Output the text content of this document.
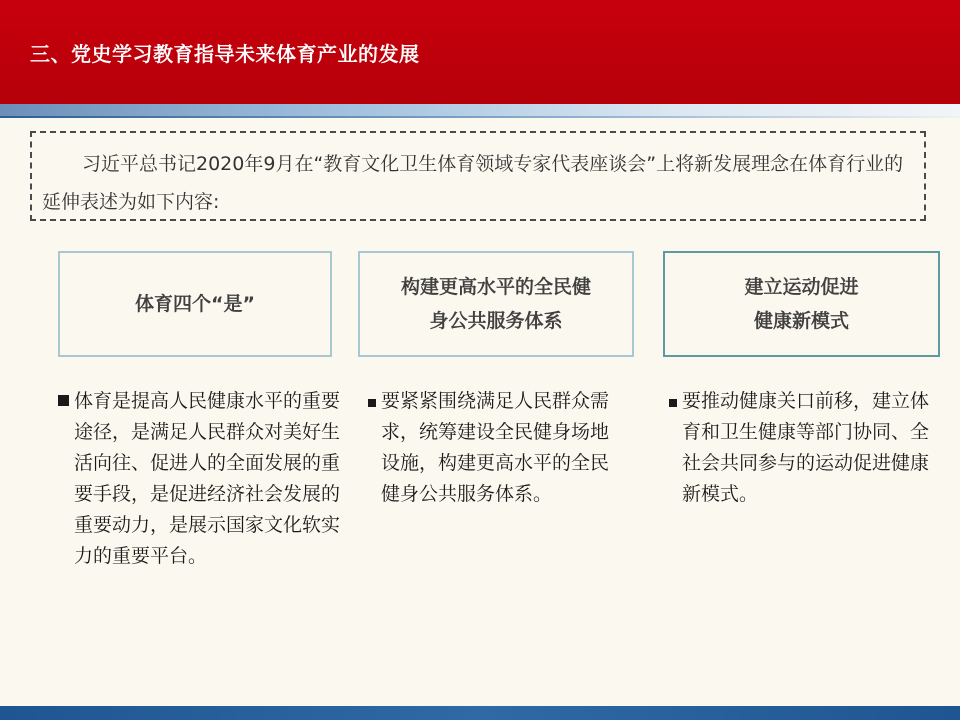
三、党史学习教育指导未来体育产业的发展

习近平总书记2020年9月在“教育文化卫生体育领域专家代表座谈会”上将新发展理念在体育行业的延伸表述为如下内容:

体育四个“是”
构建更高水平的全民健
身公共服务体系
建立运动促进
健康新模式

体育是提高人民健康水平的重要途径，是满足人民群众对美好生活向往、促进人的全面发展的重要手段，是促进经济社会发展的重要动力，是展示国家文化软实力的重要平台。

要紧紧围绕满足人民群众需求，统筹建设全民健身场地设施，构建更高水平的全民健身公共服务体系。

要推动健康关口前移，建立体育和卫生健康等部门协同、全社会共同参与的运动促进健康新模式。
